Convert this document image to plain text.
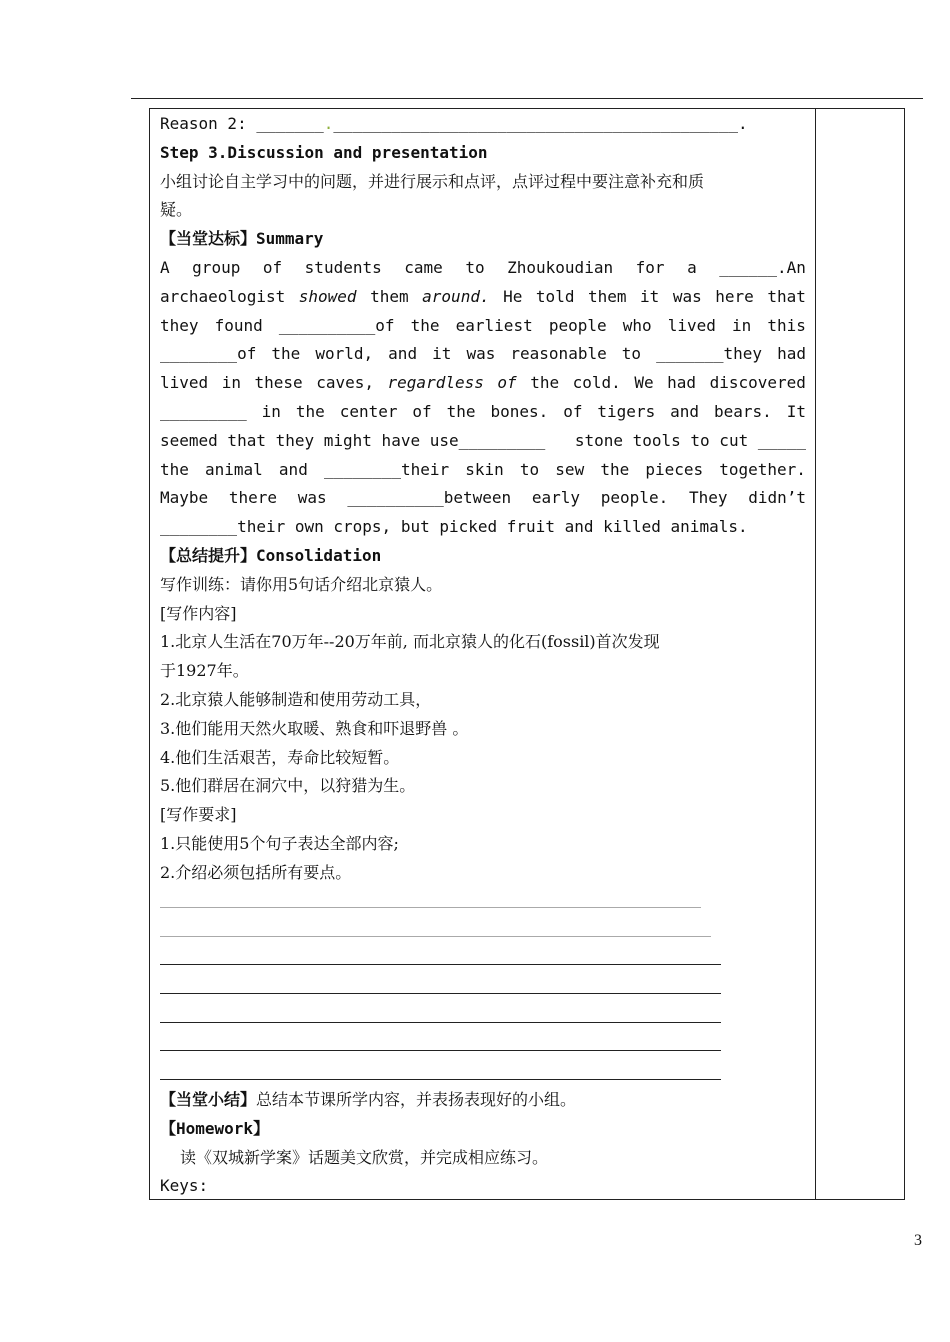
Reason 2: _______.__________________________________________.
Step 3.Discussion and presentation
小组讨论自主学习中的问题，并进行展示和点评，点评过程中要注意补充和质
疑。
【当堂达标】Summary
A group of students came to Zhoukoudian for a ______.An
archaeologist showed them around. He told them it was here that
they found __________of the earliest people who lived in this
________of the world, and it was reasonable to _______they had
lived in these caves, regardless of the cold. We had discovered
_________ in the center of the bones. of tigers and bears. It
seemed that they might have use_________ stone tools to cut _____
the animal and ________their skin to sew the pieces together.
Maybe there was __________between early people. They didn’t
________their own crops, but picked fruit and killed animals.
【总结提升】Consolidation
写作训练：请你用5句话介绍北京猿人。
[写作内容]
1.北京人生活在70万年--20万年前, 而北京猿人的化石(fossil)首次发现
于1927年。
2.北京猿人能够制造和使用劳动工具，
3.他们能用天然火取暖、熟食和吓退野兽 。
4.他们生活艰苦，寿命比较短暂。
5.他们群居在洞穴中，以狩猎为生。
[写作要求]
1.只能使用5个句子表达全部内容;
2.介绍必须包括所有要点。
【当堂小结】总结本节课所学内容，并表扬表现好的小组。
【Homework】
读《双城新学案》话题美文欣赏，并完成相应练习。
Keys:
3
